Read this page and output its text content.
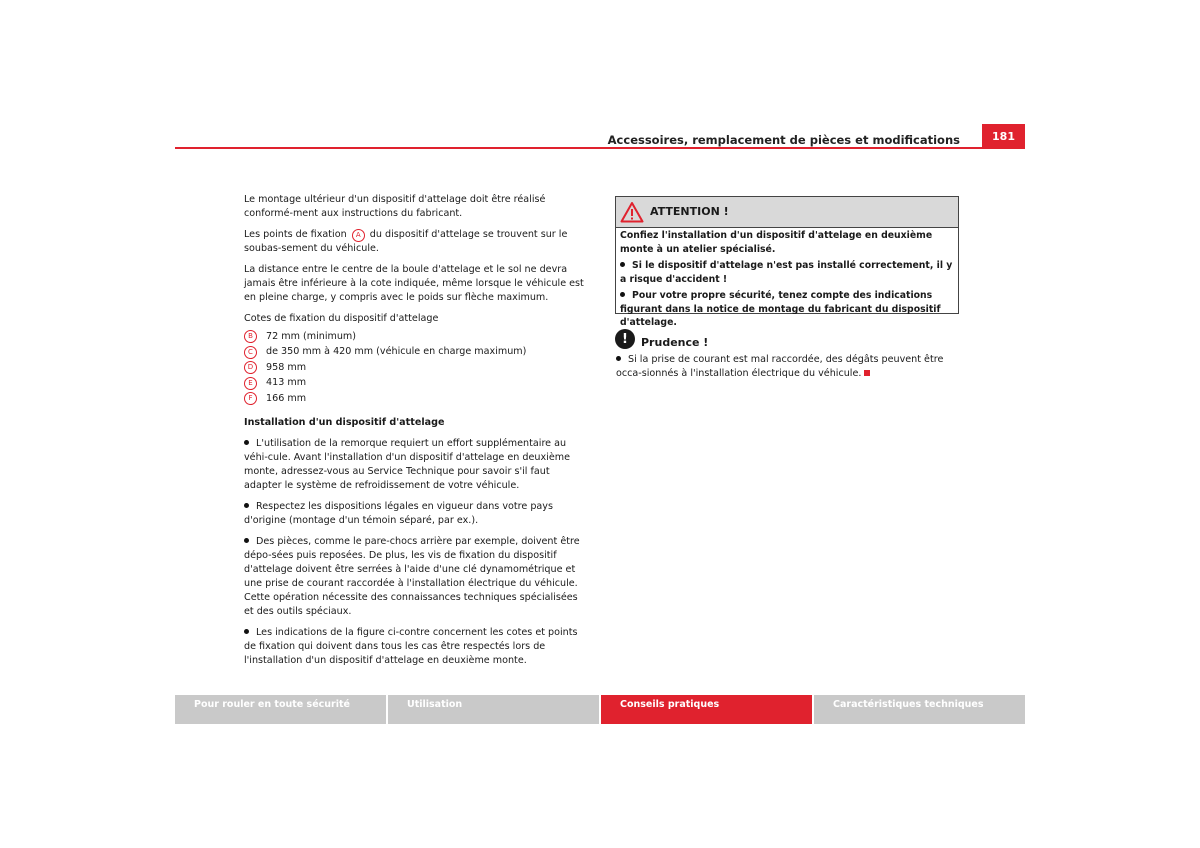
Accessoires, remplacement de pièces et modifications	181

Le montage ultérieur d'un dispositif d'attelage doit être réalisé conformé-ment aux instructions du fabricant.

Les points de fixation A du dispositif d'attelage se trouvent sur le soubas-sement du véhicule.

La distance entre le centre de la boule d'attelage et le sol ne devra jamais être inférieure à la cote indiquée, même lorsque le véhicule est en pleine charge, y compris avec le poids sur flèche maximum.

Cotes de fixation du dispositif d'attelage

B	72 mm (minimum)
C	de 350 mm à 420 mm (véhicule en charge maximum)
D	958 mm
E	413 mm
F	166 mm

Installation d'un dispositif d'attelage

L'utilisation de la remorque requiert un effort supplémentaire au véhi-cule. Avant l'installation d'un dispositif d'attelage en deuxième monte, adressez-vous au Service Technique pour savoir s'il faut adapter le système de refroidissement de votre véhicule.

Respectez les dispositions légales en vigueur dans votre pays d'origine (montage d'un témoin séparé, par ex.).

Des pièces, comme le pare-chocs arrière par exemple, doivent être dépo-sées puis reposées. De plus, les vis de fixation du dispositif d'attelage doivent être serrées à l'aide d'une clé dynamométrique et une prise de courant raccordée à l'installation électrique du véhicule. Cette opération nécessite des connaissances techniques spécialisées et des outils spéciaux.

Les indications de la figure ci-contre concernent les cotes et points de fixation qui doivent dans tous les cas être respectés lors de l'installation d'un dispositif d'attelage en deuxième monte.

ATTENTION !

Confiez l'installation d'un dispositif d'attelage en deuxième monte à un atelier spécialisé.

Si le dispositif d'attelage n'est pas installé correctement, il y a risque d'accident !

Pour votre propre sécurité, tenez compte des indications figurant dans la notice de montage du fabricant du dispositif d'attelage.

!	Prudence !
Si la prise de courant est mal raccordée, des dégâts peuvent être occa-sionnés à l'installation électrique du véhicule.
Pour rouler en toute sécurité	Utilisation	Conseils pratiques	Caractéristiques techniques
